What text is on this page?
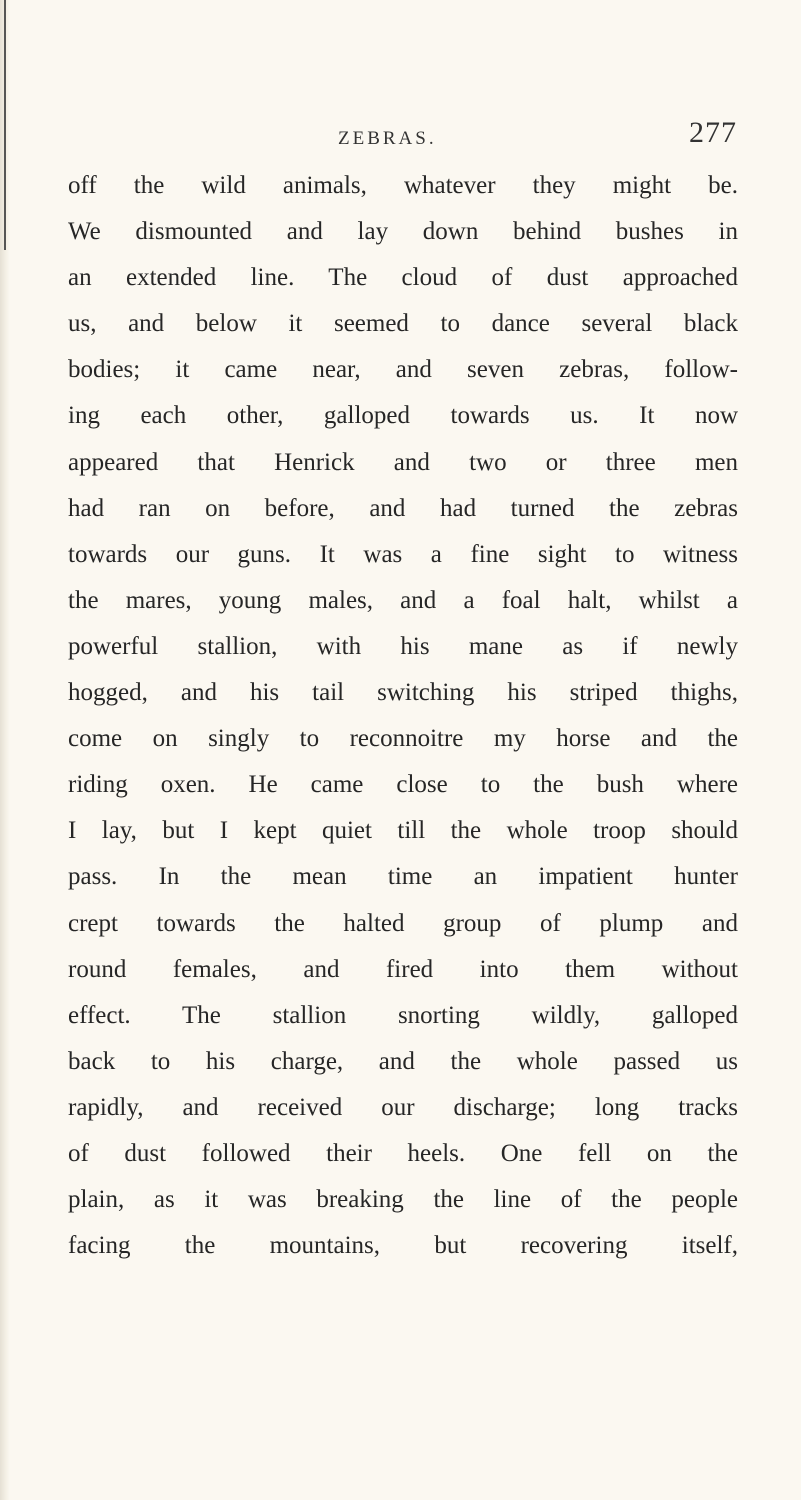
ZEBRAS.	277
off the wild animals, whatever they might be.
We dismounted and lay down behind bushes in
an extended line. The cloud of dust approached
us, and below it seemed to dance several black
bodies; it came near, and seven zebras, follow-
ing each other, galloped towards us. It now
appeared that Henrick and two or three men
had ran on before, and had turned the zebras
towards our guns. It was a fine sight to witness
the mares, young males, and a foal halt, whilst a
powerful stallion, with his mane as if newly
hogged, and his tail switching his striped thighs,
come on singly to reconnoitre my horse and the
riding oxen. He came close to the bush where
I lay, but I kept quiet till the whole troop should
pass. In the mean time an impatient hunter
crept towards the halted group of plump and
round females, and fired into them without
effect. The stallion snorting wildly, galloped
back to his charge, and the whole passed us
rapidly, and received our discharge; long tracks
of dust followed their heels. One fell on the
plain, as it was breaking the line of the people
facing the mountains, but recovering itself,
